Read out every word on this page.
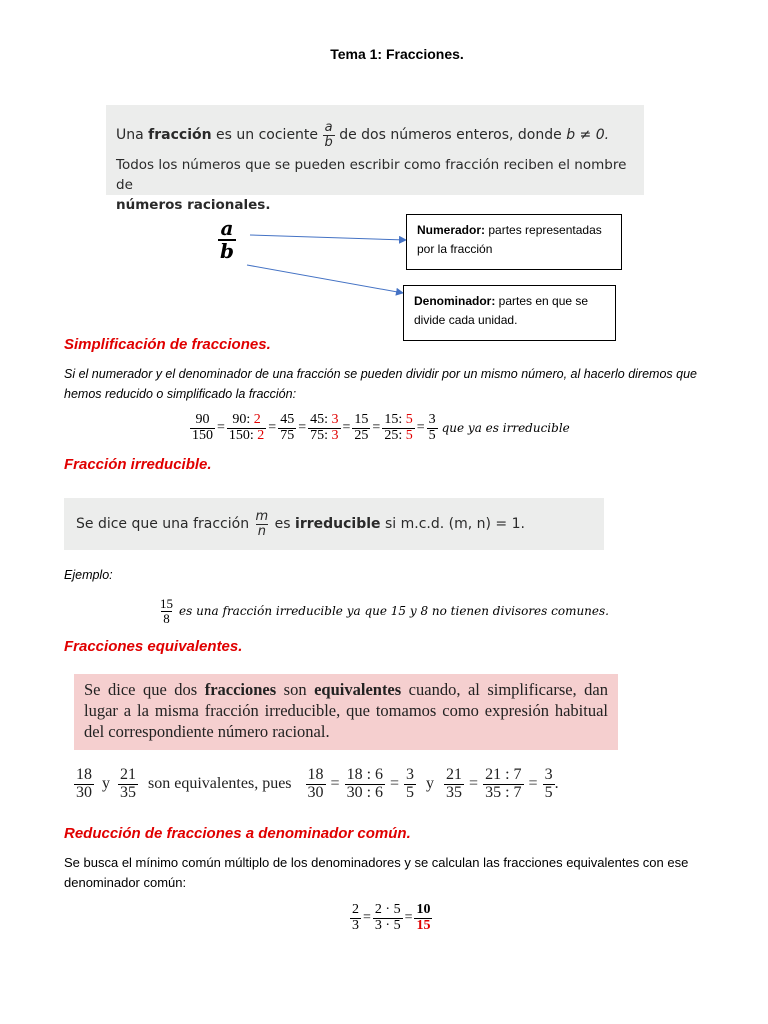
Tema 1: Fracciones.
Una fracción es un cociente $\frac{a}{b}$ de dos números enteros, donde b ≠ 0.
Todos los números que se pueden escribir como fracción reciben el nombre de
números racionales.
$\frac{a}{b}$	Numerador: partes representadas por la fracción
Denominador: partes en que se divide cada unidad.
Simplificación de fracciones.
Si el numerador y el denominador de una fracción se pueden dividir por un mismo número, al hacerlo diremos que hemos reducido o simplificado la fracción:
$\frac{90}{150} = \frac{90: 2}{150: 2} = \frac{45}{75} = \frac{45: 3}{75: 3} = \frac{15}{25} = \frac{15: 5}{25: 5} = \frac{3}{5}$ que ya es irreducible
Fracción irreducible.
Se dice que una fracción $\frac{m}{n}$ es irreducible si m.c.d. (m, n) = 1.
Ejemplo:
$\frac{15}{8}$ es una fracción irreducible ya que 15 y 8 no tienen divisores comunes.
Fracciones equivalentes.
Se dice que dos fracciones son equivalentes cuando, al simplificarse, dan lugar a la misma fracción irreducible, que tomamos como expresión habitual del correspondiente número racional.
$\frac{18}{30}$ y $\frac{21}{35}$ son equivalentes, pues $\frac{18}{30} = \frac{18 : 6}{30 : 6} = \frac{3}{5}$ y $\frac{21}{35} = \frac{21 : 7}{35 : 7} = \frac{3}{5}$ .
Reducción de fracciones a denominador común.
Se busca el mínimo común múltiplo de los denominadores y se calculan las fracciones equivalentes con ese denominador común:
$\frac{2}{3} = \frac{2 \cdot 5}{3 \cdot 5} = \frac{10}{15}$
